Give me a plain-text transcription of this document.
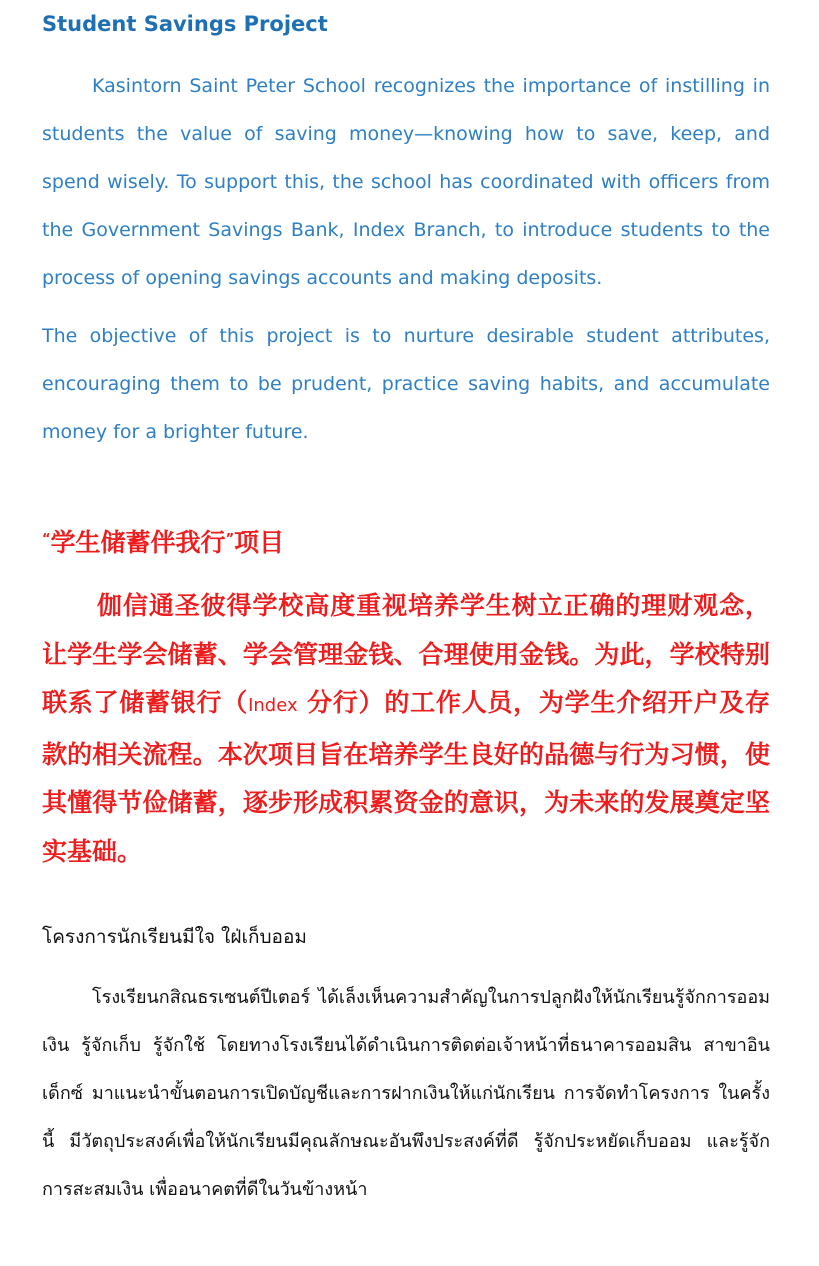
Student Savings Project

Kasintorn Saint Peter School recognizes the importance of instilling in students the value of saving money—knowing how to save, keep, and spend wisely. To support this, the school has coordinated with officers from the Government Savings Bank, Index Branch, to introduce students to the process of opening savings accounts and making deposits.

The objective of this project is to nurture desirable student attributes, encouraging them to be prudent, practice saving habits, and accumulate money for a brighter future.

“学生储蓄伴我行”项目

伽信通圣彼得学校高度重视培养学生树立正确的理财观念，让学生学会储蓄、学会管理金钱、合理使用金钱。为此，学校特别联系了储蓄银行（Index 分行）的工作人员，为学生介绍开户及存款的相关流程。本次项目旨在培养学生良好的品德与行为习惯，使其懂得节俭储蓄，逐步形成积累资金的意识，为未来的发展奠定坚实基础。

โครงการนักเรียนมีใจ ใฝ่เก็บออม

โรงเรียนกสิณธรเซนต์ปีเตอร์ ได้เล็งเห็นความสำคัญในการปลูกฝังให้นักเรียนรู้จักการออมเงิน รู้จักเก็บ รู้จักใช้ โดยทางโรงเรียนได้ดำเนินการติดต่อเจ้าหน้าที่ธนาคารออมสิน สาขาอินเด็กซ์ มาแนะนำขั้นตอนการเปิดบัญชีและการฝากเงินให้แก่นักเรียน การจัดทำโครงการ ในครั้งนี้ มีวัตถุประสงค์เพื่อให้นักเรียนมีคุณลักษณะอันพึงประสงค์ที่ดี รู้จักประหยัดเก็บออม และรู้จักการสะสมเงิน เพื่ออนาคตที่ดีในวันข้างหน้า
